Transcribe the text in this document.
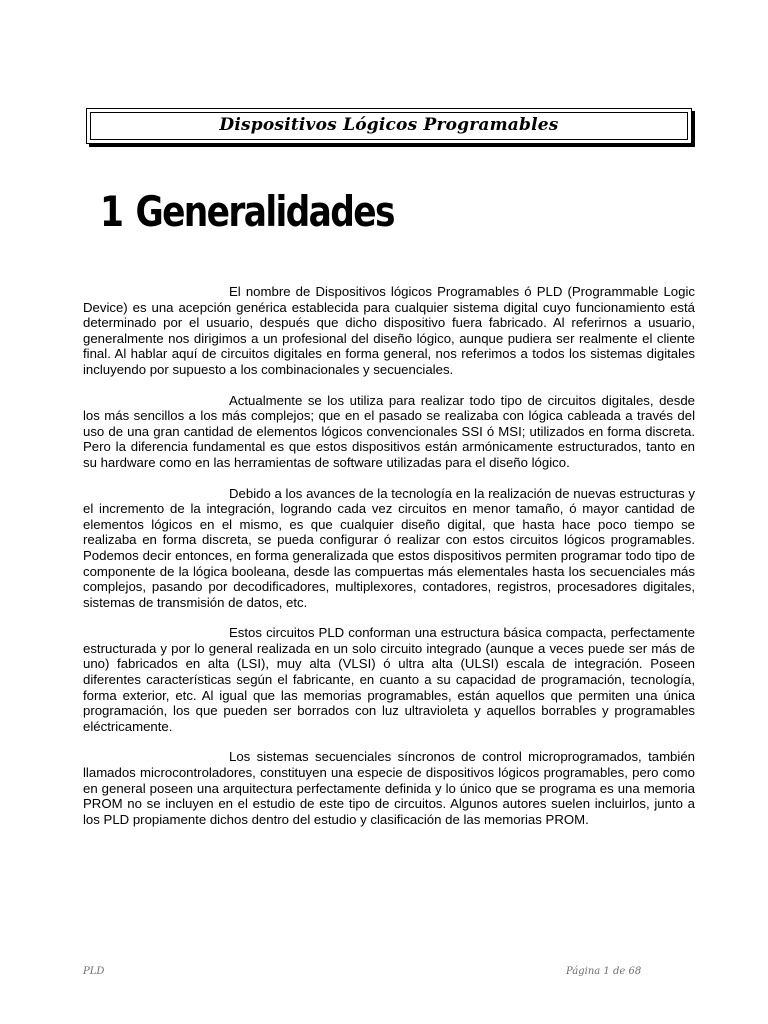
Dispositivos Lógicos Programables
1 Generalidades

El nombre de Dispositivos lógicos Programables ó PLD (Programmable Logic Device) es una acepción genérica establecida para cualquier sistema digital cuyo funcionamiento está determinado por el usuario, después que dicho dispositivo fuera fabricado. Al referirnos a usuario, generalmente nos dirigimos a un profesional del diseño lógico, aunque pudiera ser realmente el cliente final. Al hablar aquí de circuitos digitales en forma general, nos referimos a todos los sistemas digitales incluyendo por supuesto a los combinacionales y secuenciales.

Actualmente se los utiliza para realizar todo tipo de circuitos digitales, desde los más sencillos a los más complejos; que en el pasado se realizaba con lógica cableada a través del uso de una gran cantidad de elementos lógicos convencionales SSI ó MSI; utilizados en forma discreta. Pero la diferencia fundamental es que estos dispositivos están armónicamente estructurados, tanto en su hardware como en las herramientas de software utilizadas para el diseño lógico.

Debido a los avances de la tecnología en la realización de nuevas estructuras y el incremento de la integración, logrando cada vez circuitos en menor tamaño, ó mayor cantidad de elementos lógicos en el mismo, es que cualquier diseño digital, que hasta hace poco tiempo se realizaba en forma discreta, se pueda configurar ó realizar con estos circuitos lógicos programables. Podemos decir entonces, en forma generalizada que estos dispositivos permiten programar todo tipo de componente de la lógica booleana, desde las compuertas más elementales hasta los secuenciales más complejos, pasando por decodificadores, multiplexores, contadores, registros, procesadores digitales, sistemas de transmisión de datos, etc.

Estos circuitos PLD conforman una estructura básica compacta, perfectamente estructurada y por lo general realizada en un solo circuito integrado (aunque a veces puede ser más de uno) fabricados en alta (LSI), muy alta (VLSI) ó ultra alta (ULSI) escala de integración. Poseen diferentes características según el fabricante, en cuanto a su capacidad de programación, tecnología, forma exterior, etc. Al igual que las memorias programables, están aquellos que permiten una única programación, los que pueden ser borrados con luz ultravioleta y aquellos borrables y programables eléctricamente.

Los sistemas secuenciales síncronos de control microprogramados, también llamados microcontroladores, constituyen una especie de dispositivos lógicos programables, pero como en general poseen una arquitectura perfectamente definida y lo único que se programa es una memoria PROM no se incluyen en el estudio de este tipo de circuitos. Algunos autores suelen incluirlos, junto a los PLD propiamente dichos dentro del estudio y clasificación de las memorias PROM.

PLD	Página 1 de 68
